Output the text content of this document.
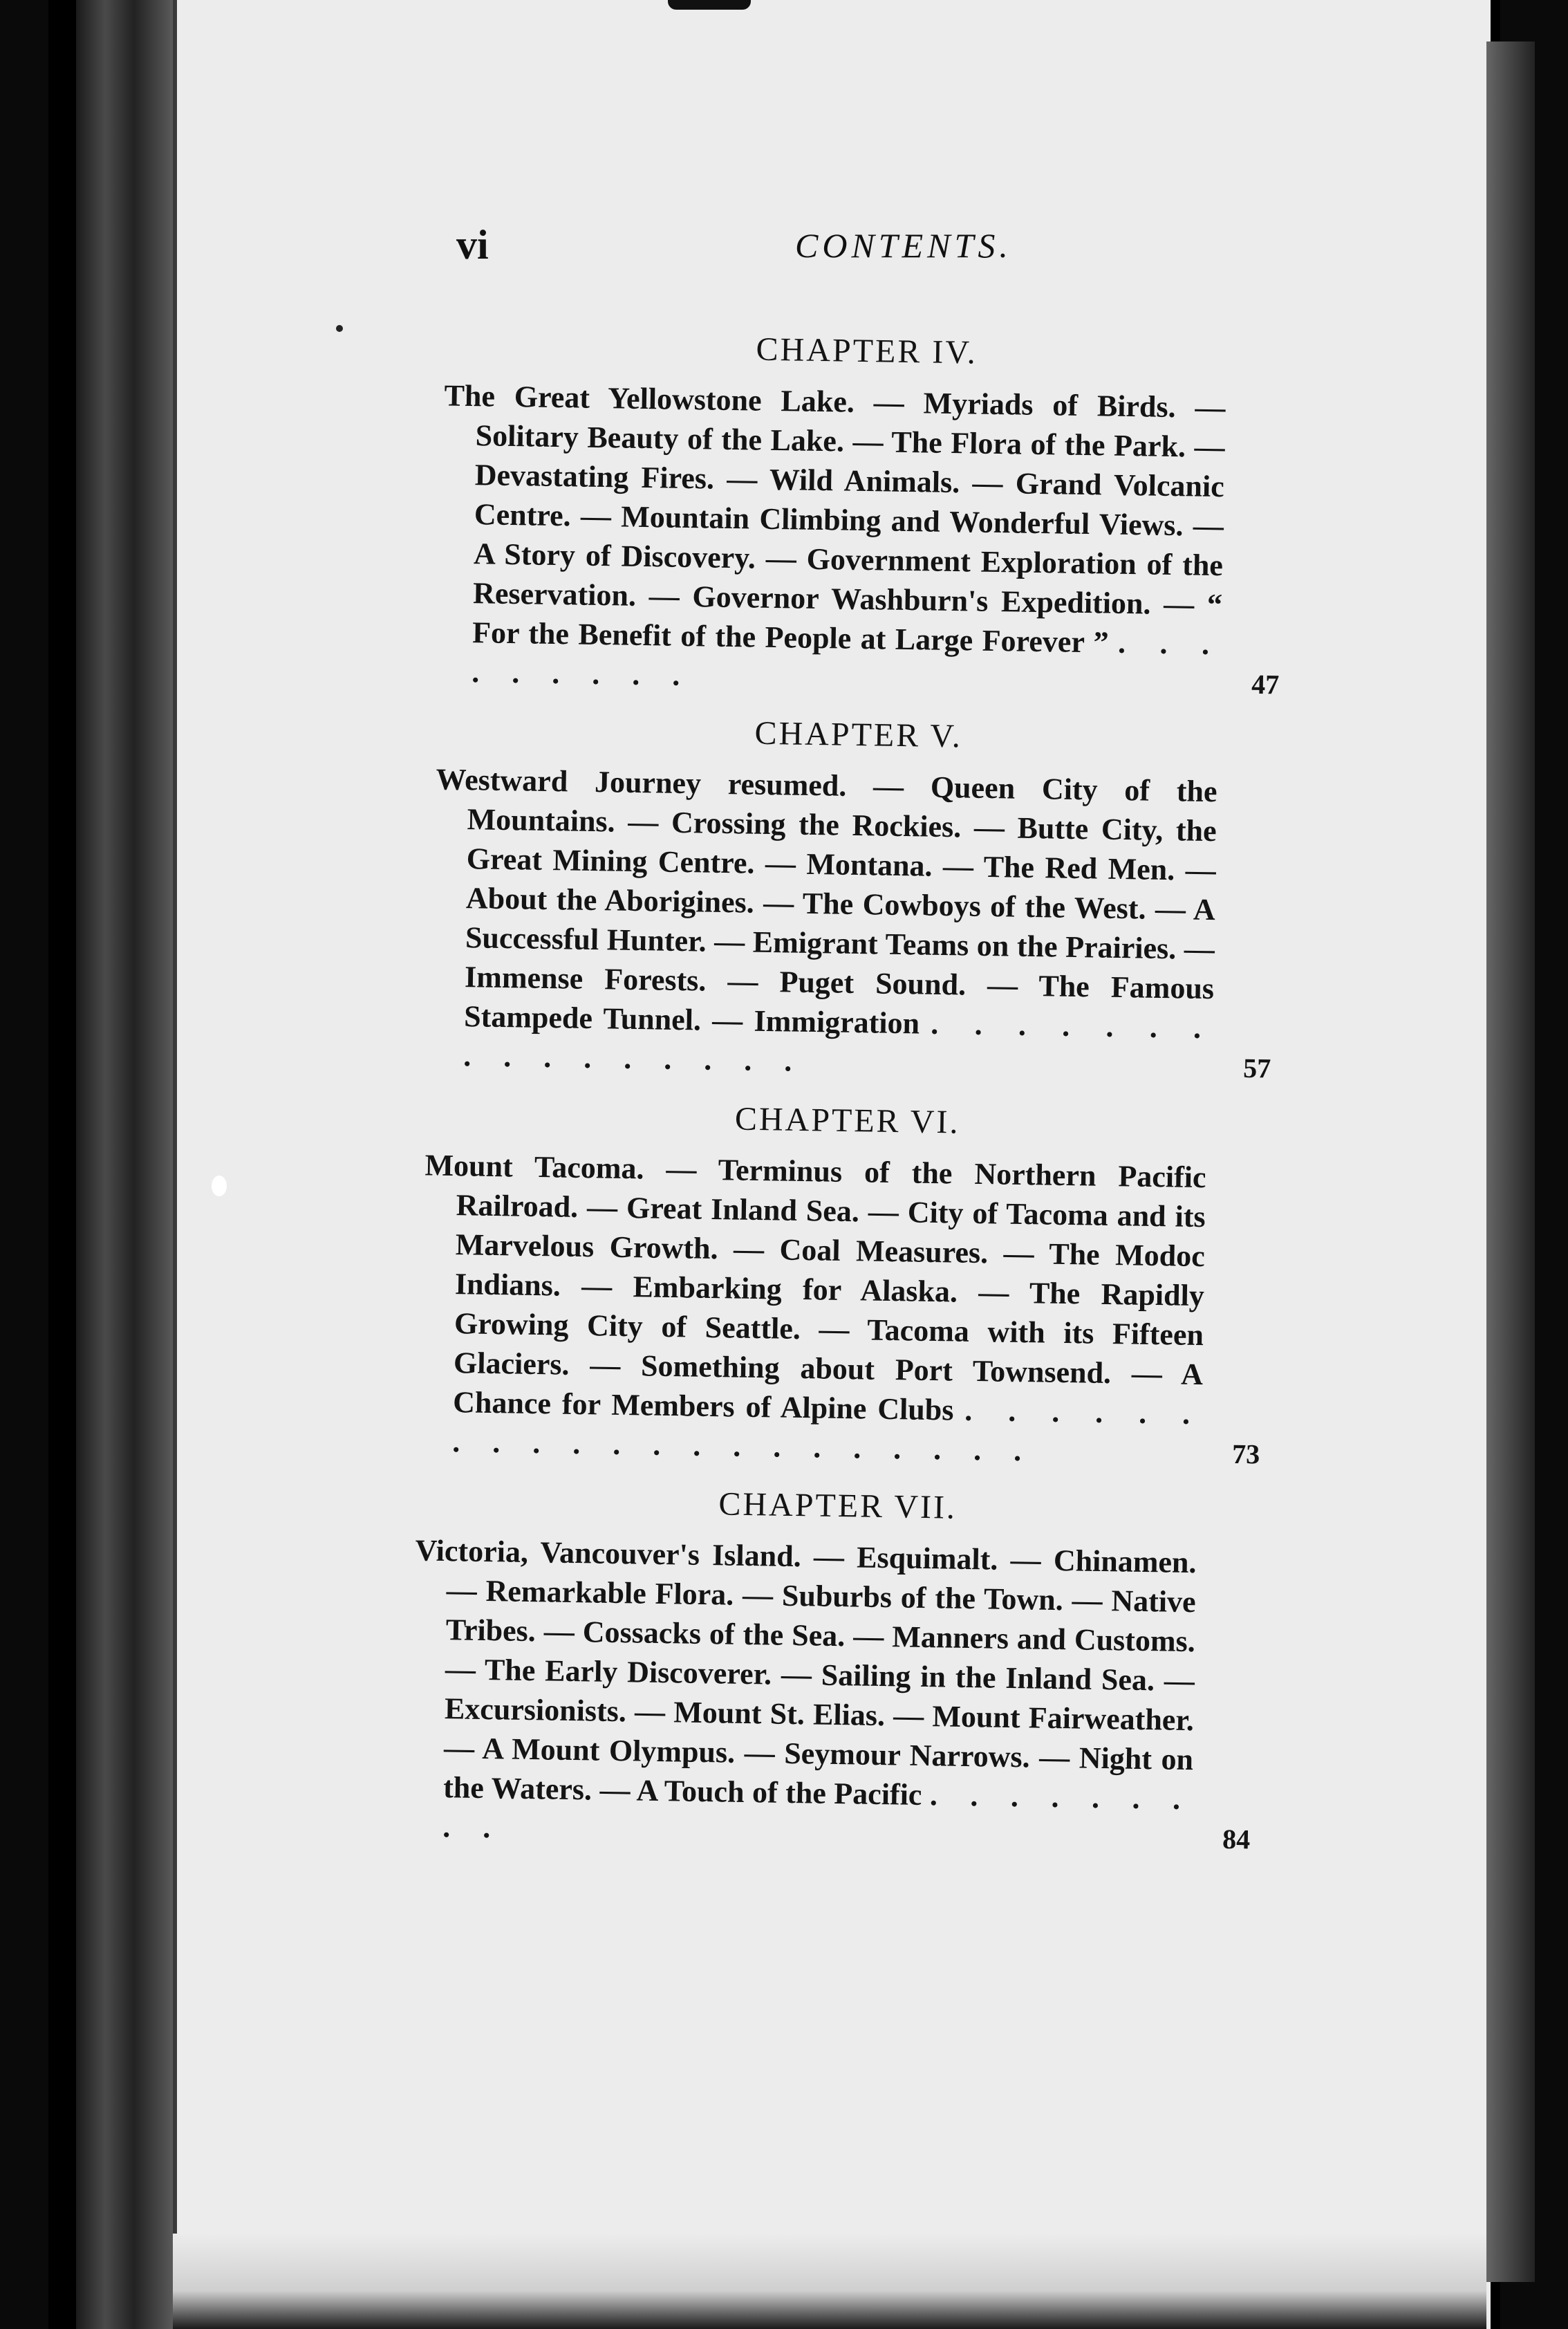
vi	CONTENTS.
CHAPTER IV.

The Great Yellowstone Lake. — Myriads of Birds. — Solitary Beauty of the Lake. — The Flora of the Park. — Devastating Fires. — Wild Animals. — Grand Volcanic Centre. — Mountain Climbing and Wonderful Views. — A Story of Discovery. — Government Exploration of the Reservation. — Governor Washburn's Expedition. — “ For the Benefit of the People at Large Forever ” . . . . . . . . .	47

CHAPTER V.

Westward Journey resumed. — Queen City of the Mountains. — Crossing the Rockies. — Butte City, the Great Mining Centre. — Montana. — The Red Men. — About the Aborigines. — The Cowboys of the West. — A Successful Hunter. — Emigrant Teams on the Prairies. — Immense Forests. — Puget Sound. — The Famous Stampede Tunnel. — Immigration . . . . . . . . . . . . . . . .	57

CHAPTER VI.

Mount Tacoma. — Terminus of the Northern Pacific Railroad. — Great Inland Sea. — City of Tacoma and its Marvelous Growth. — Coal Measures. — The Modoc Indians. — Embarking for Alaska. — The Rapidly Growing City of Seattle. — Tacoma with its Fifteen Glaciers. — Something about Port Townsend. — A Chance for Members of Alpine Clubs . . . . . . . . . . . . . . . . . . . . .	73

CHAPTER VII.

Victoria, Vancouver's Island. — Esquimalt. — Chinamen. — Remarkable Flora. — Suburbs of the Town. — Native Tribes. — Cossacks of the Sea. — Manners and Customs. — The Early Discoverer. — Sailing in the Inland Sea. — Excursionists. — Mount St. Elias. — Mount Fairweather. — A Mount Olympus. — Seymour Narrows. — Night on the Waters. — A Touch of the Pacific . . . . . . . . .	84
